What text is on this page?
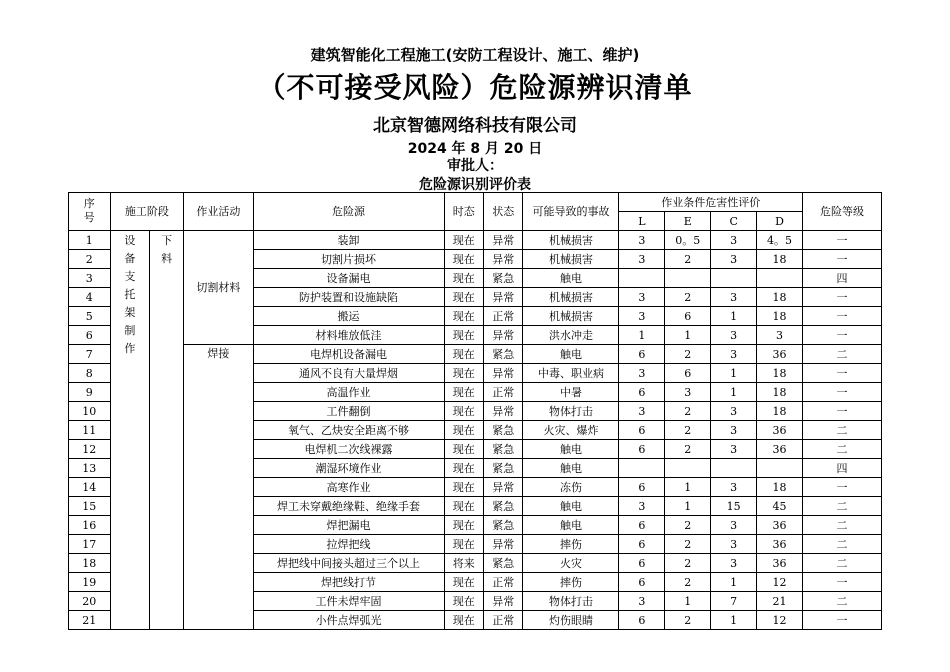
建筑智能化工程施工(安防工程设计、施工、维护)
（不可接受风险）危险源辨识清单
北京智德网络科技有限公司
2024 年 8 月 20 日
审批人：
危险源识别评价表
序号	施工阶段		作业活动	危险源	时态	状态	可能导致的事故	作业条件危害性评价				危险等级
								L	E	C	D	
1	设备支托架制作	下料	切割材料	装卸	现在	异常	机械损害	3	0。5	3	4。5	一
2				切割片损坏	现在	异常	机械损害	3	2	3	18	一
3				设备漏电	现在	紧急	触电					四
4				防护装置和设施缺陷	现在	异常	机械损害	3	2	3	18	一
5				搬运	现在	正常	机械损害	3	6	1	18	一
6				材料堆放低洼	现在	异常	洪水冲走	1	1	3	3	一
7			焊接	电焊机设备漏电	现在	紧急	触电	6	2	3	36	二
8				通风不良有大量焊烟	现在	异常	中毒、职业病	3	6	1	18	一
9				高温作业	现在	正常	中暑	6	3	1	18	一
10				工件翻倒	现在	异常	物体打击	3	2	3	18	一
11				氧气、乙炔安全距离不够	现在	紧急	火灾、爆炸	6	2	3	36	二
12				电焊机二次线裸露	现在	紧急	触电	6	2	3	36	二
13				潮湿环境作业	现在	紧急	触电					四
14				高寒作业	现在	异常	冻伤	6	1	3	18	一
15				焊工未穿戴绝缘鞋、绝缘手套	现在	紧急	触电	3	1	15	45	二
16				焊把漏电	现在	紧急	触电	6	2	3	36	二
17				拉焊把线	现在	异常	摔伤	6	2	3	36	二
18				焊把线中间接头超过三个以上	将来	紧急	火灾	6	2	3	36	二
19				焊把线打节	现在	正常	摔伤	6	2	1	12	一
20				工件未焊牢固	现在	异常	物体打击	3	1	7	21	二
21				小件点焊弧光	现在	正常	灼伤眼睛	6	2	1	12	一
